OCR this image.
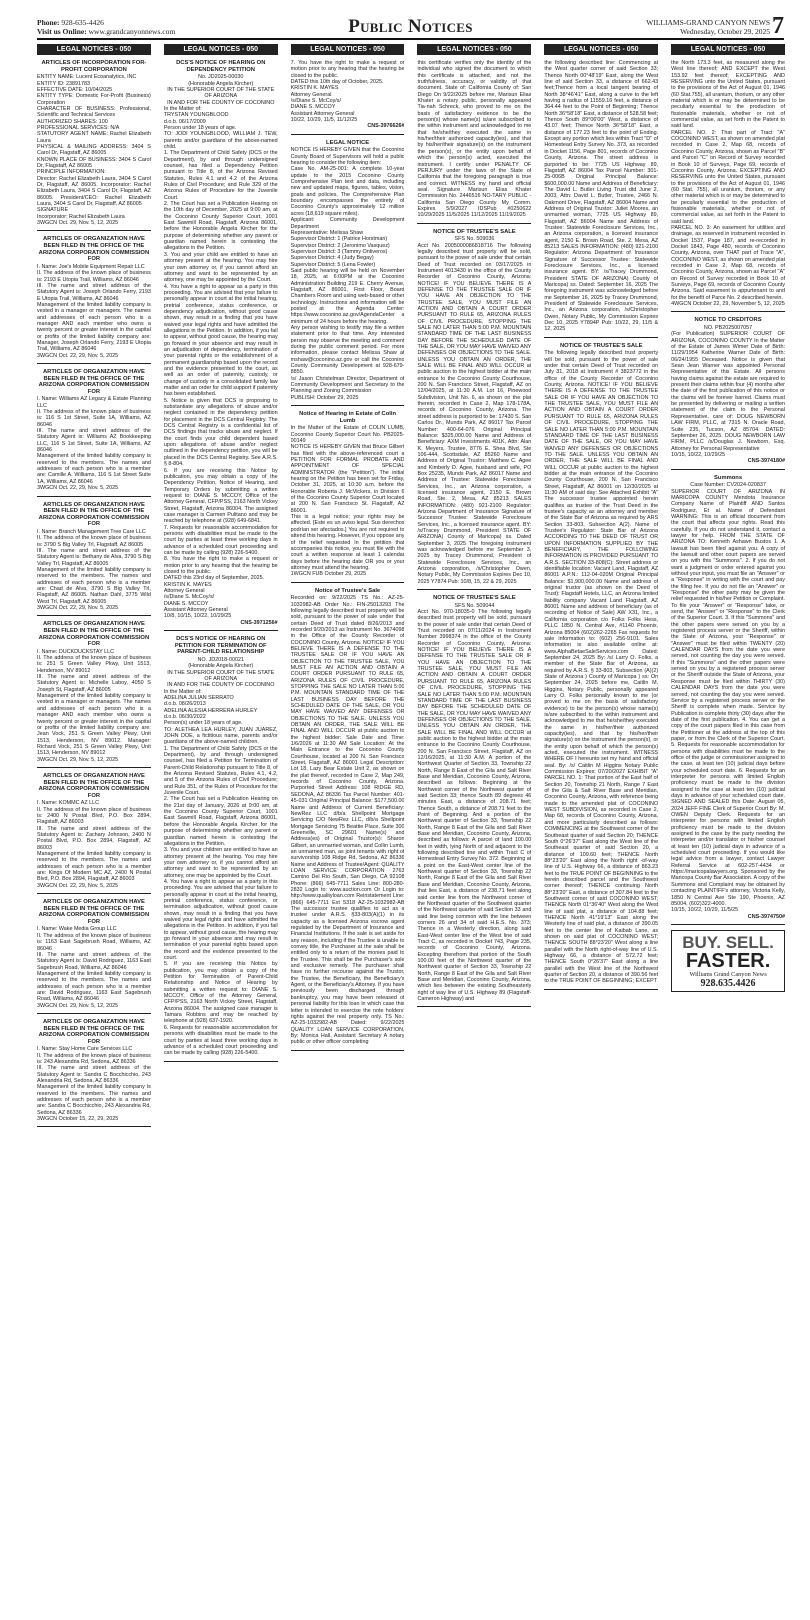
Phone: 928-635-4426
Visit us Online: www.grandcanyonnews.com	Public Notices	WILLIAMS-GRAND CANYON NEWS
Wednesday, October 29, 2025 7
LEGAL NOTICES - 050
ARTICLES OF INCORPORATION FOR-PROFIT CORPORATION

ENTITY NAME: Lucent Ecoanalytics, INC

ENTITY ID: 23891783

EFFECTIVE DATE: 10/04/2025

ENTITY TYPE: Domestic For-Profit (Business) Corporation

CHARACTER OF BUSINESS: Professional, Scientific and Technical Services

AUTHORIZED SHARES: 100

PROFESSIONAL SERVICES: N/A

STATUTORY AGENT NAME: Rachel Elizabeth Laura

PHYSICAL & MAILING ADDRESS: 3404 S Carol Dr, Flagstaff, AZ 86005

KNOWN PLACE OF BUSINESS: 3404 S Carol Dr, Flagstaff, AZ 86005

PRINCIPLE INFORMATION:

Director: Rachel Elizabeth Laura, 3404 S Carol Dr, Flagstaff, AZ 86005. Incorporator: Rachel Elizabeth Laura, 3404 S Carol Dr, Flagstaff, AZ 86005. President/CEO: Rachel Elizabeth Laura, 3404 S Carol Dr, Flagstaff, AZ 86005

SIGNATURE

Incorporator: Rachel Elizabeth Laura

3WGCN Oct. 29, Nov. 5, 12, 2025

ARTICLES OF ORGANIZATION HAVE BEEN FILED IN THE OFFICE OF THE ARIZONA CORPORATION COMMISSION FOR

I. Name: Joe's Mobile Equipment Repair LLC

II. The address of the known place of business is: 2193 E Utopia Trail, Williams, AZ 86046

III. The name and street address of the Statutory Agent is: Joseph Orlando Ferry, 2193 E Utopia Trail, Williams, AZ 86046

Management of the limited liability company is vested in a manager or managers. The names and addresses of each person who is a manager AND each member who owns a twenty percent or greater interest in the capital or profits of the limited liability company are: Manager, Joseph Orlando Ferry, 2193 E Utopia Trail, Williams, AZ 86046

3WGCN Oct. 22, 29, Nov. 5, 2025

ARTICLES OF ORGANIZATION HAVE BEEN FILED IN THE OFFICE OF THE ARIZONA CORPORATION COMMISSION FOR

I. Name: Williams AZ Legacy & Estate Planning LLC

II. The address of the known place of business is: 116 S 1st Street, Suite 1A, Williams, AZ 86046

III. The name and street address of the Statutory Agent is: Williams AZ Bookkeeping LLC, 116 S 1st Street, Suite 1A, Williams, AZ 86046

Management of the limited liability company is reserved to the members. The names and addresses of each person who is a member are: Camille A. Williams, 116 S 1st Street Suite 1A, Williams, AZ 86046

3WGCN Oct. 22, 29, Nov. 5, 2025

ARTICLES OF ORGANIZATION HAVE BEEN FILED IN THE OFFICE OF THE ARIZONA CORPORATION COMMISSION FOR

I. Name: Branch Management Tree Care LLC

II. The address of the known place of business is: 3790 S Big Valley Trl, Flagstaff, AZ 86005

III. The name and street address of the Statutory Agent is: Bethany de Alva, 3790 S Big Valley Trl, Flagstaff, AZ 86005

Management of the limited liability company is reserved to the members. The names and addresses of each person who is a member are: Chad de Alva, 3790 S Big Valley Trl, Flagstaff, AZ 86005. Nathan Dahl, 3775 Wild West Trl, Flagstaff, AZ 86005

3WGCN Oct. 22, 29, Nov. 5, 2025

ARTICLES OF ORGANIZATION HAVE BEEN FILED IN THE OFFICE OF THE ARIZONA CORPORATION COMMISSION FOR

I. Name: DUCKDUCKSTAY LLC

II. The address of the known place of business is: 251 S Green Valley Pkwy, Unit 1513, Henderson, NV 89012

III. The name and street address of the Statutory Agent is: Michelle Laboy, 4050 S Joseph St, Flagstaff, AZ 86005

Management of the limited liability company is vested in a manager or managers. The names and addresses of each person who is a manager AND each member who owns a twenty percent or greater interest in the capital or profits of the limited liability company are: Jean Vock, 251 S Green Valley Pkwy, Unit 1513, Henderson, NV 89012. Manager: Richard Vock, 251 S Green Valley Pkwy, Unit 1513, Henderson, NV 89012

3WGCN Oct. 29, Nov. 5, 12, 2025

ARTICLES OF ORGANIZATION HAVE BEEN FILED IN THE OFFICE OF THE ARIZONA CORPORATION COMMISSION FOR

I. Name: KOMMC AZ LLC

II. The address of the known place of business is: 2400 N Postal Blvd, P.O. Box 2894, Flagstaff, AZ 86003

III. The name and street address of the Statutory Agent is: Zachary Johnson, 2400 N Postal Blvd, P.O. Box 2894, Flagstaff, AZ 86003

Management of the limited liability company is reserved to the members. The names and addresses of each person who is a member are: Kings Of Modern MC AZ, 2400 N Postal Blvd, P.O. Box 2894, Flagstaff, AZ 86003

3WGCN Oct. 22, 29, Nov. 5, 2025

ARTICLES OF ORGANIZATION HAVE BEEN FILED IN THE OFFICE OF THE ARIZONA CORPORATION COMMISSION FOR

I. Name: Wake Media Group LLC

II. The address of the known place of business is: 1163 East Sagebrush Road, Williams, AZ 86046

III. The name and street address of the Statutory Agent is: David Rodriguez, 1163 East Sagebrush Road, Williams, AZ 86046

Management of the limited liability company is reserved to the members. The names and addresses of each person who is a member are: David Rodriguez, 1163 East Sagebrush Road, Williams, AZ 86046

3WGCN Oct. 29, Nov. 5, 12, 2025

ARTICLES OF ORGANIZATION HAVE BEEN FILED IN THE OFFICE OF THE ARIZONA CORPORATION COMMISSION FOR

I. Name: Stay Home Care Services LLC

II. The address of the known place of business is: 243 Alexandria Rd, Sedona, AZ 86336

III. The name and street address of the Statutory Agent is: Sandra C Bocchicchio, 243 Alexandria Rd, Sedona, AZ 86336

Management of the limited liability company is reserved to the members. The names and addresses of each person who is a member are: Sandra C Bocchicchio, 243 Alexandria Rd, Sedona, AZ 86336

3WGCN October 15, 22, 29, 2025

LEGAL NOTICES - 050
DCS'S NOTICE OF HEARING ON DEPENDENCY PETITION
No. JD2025-00030
(Honorable Angela Kircher)
IN THE SUPERIOR COURT OF THE STATE OF ARIZONA
IN AND FOR THE COUNTY OF COCONINO

In the Matter of:

TRYSTAN YOUNGBLOOD

d.o.b. 06/17/2009

Person under 18 years of age.

TO: JODI YOUNGBLOOD, WILLIAM J. TEW, parents and/or guardians of the above-named child.

1. The Department of Child Safety (DCS or the Department), by and through undersigned counsel, has filed a Dependency Petition pursuant to Title 8, of the Arizona Revised Statutes, Rules 4.1 and 4.2 of the Arizona Rules of Civil Procedure; and Rule 329 of the Arizona Rules of Procedure for the Juvenile Court.

2. The Court has set a Publication Hearing on the 10th day of December, 2025 at 9:00 am, at the Coconino County Superior Court, 1001 East Sawmill Road, Flagstaff, Arizona 86001, before the Honorable Angela Kircher for the purpose of determining whether any parent or guardian named herein is contesting the allegations in the Petition.

3. You and your child are entitled to have an attorney present at the hearing. You may hire your own attorney or, if you cannot afford an attorney and want to be represented by an attorney, one may be appointed by the Court.

4. You have a right to appear as a party in this proceeding. You are advised that your failure to personally appear in court at the initial hearing, pretrial conference, status conference, or dependency adjudication, without good cause shown, may result in a finding that you have waived your legal rights and have admitted the allegations in the Petition. In addition, if you fail to appear, without good cause, the hearing may go forward in your absence and may result in an adjudication of dependency, termination of your parental rights or the establishment of a permanent guardianship based upon the record and the evidence presented to the court, as well as an order of paternity, custody, or change of custody in a consolidated family law matter and an order for child support if paternity has been established.

5. Notice is given that DCS is proposing to substantiate any allegations of abuse and/or neglect contained in the dependency petition for placement in the DCS Central Registry. The DCS Central Registry is a confidential list of DCS findings that tracks abuse and neglect. If the court finds your child dependent based upon allegations of abuse and/or neglect outlined in the dependency petition, you will be placed in the DCS Central Registry. See A.R.S. § 8-804.

6. If you are receiving this Notice by publication, you may obtain a copy of the Dependency Petition, Notice of Hearing, and Temporary Orders by submitting a written request to: DIANE S. MCCOY, Office of the Attorney General, CFP/PSS, 2163 North Vickey Street, Flagstaff, Arizona 86004. The assigned case manager is Carmen Pulitano and may be reached by telephone at (928) 649-6841.

7. Requests for reasonable accommodation for persons with disabilities must be made to the court by parties at least three working days in advance of a scheduled court proceeding and can be made by calling (928) 226-5400.

8. You have the right to make a request or motion prior to any hearing that the hearing be closed to the public.

DATED this 23rd day of September, 2025.

KRISTIN K. MAYES

Attorney General

/s/Diane S. McCoy/s/

DIANE S. MCCOY

Assistant Attorney General

10/8, 10/15, 10/22, 10/29/25

CNS-3971256#
DCS'S NOTICE OF HEARING ON PETITION FOR TERMINATION OF PARENT-CHILD RELATIONSHIP
NO. JD2018-00021
(Honorable Angela Kircher)
IN THE SUPERIOR COURT OF THE STATE OF ARIZONA
IN AND FOR THE COUNTY OF COCONINO

In the Matter of:

ADELINA JULIAN SERRATO

d.o.b. 08/26/2013

ADELINA ALESIA HERRERA HURLEY

d.o.b. 06/30/2022

Person(s) under 18 years of age.

TO: ALETHEA LEA HURLEY, JUAN JUAREZ, JOHN DOE, a fictitious name, parents and/or guardians of the above-named children.

1. The Department of Child Safety (DCS or the Department), by and through undersigned counsel, has filed a Petition for Termination of Parent-Child Relationship pursuant to Title 8, of the Arizona Revised Statutes, Rules 4.1, 4.2, and 5 of the Arizona Rules of Civil Procedure; and Rule 351, of the Rules of Procedure for the Juvenile Court.

2. The Court has set a Publication Hearing on the 21st day of January, 2026 at 9:00 am, at the Coconino County Superior Court, 1001 East Sawmill Road, Flagstaff, Arizona 86001, before the Honorable Angela Kircher for the purpose of determining whether any parent or guardian named herein is contesting the allegations in the Petition.

3. You and your children are entitled to have an attorney present at the hearing. You may hire your own attorney or, if you cannot afford an attorney and want to be represented by an attorney, one may be appointed by the Court.

4. You have a right to appear as a party in this proceeding. You are advised that your failure to personally appear in court at the initial hearing, pretrial conference, status conference, or termination adjudication, without good cause shown, may result in a finding that you have waived your legal rights and have admitted the allegations in the Petition. In addition, if you fail to appear, without good cause, the hearing may go forward in your absence and may result in termination of your parental rights based upon the record and the evidence presented to the court.

5. If you are receiving this Notice by publication, you may obtain a copy of the Petition for Termination of Parent-Child Relationship and Notice of Hearing by submitting a written request to: DIANE S. MCCOY, Office of the Attorney General, CFP/PSS, 2163 North Vickey Street, Flagstaff, Arizona 86004. The assigned case manager is Tamara Robbins and may be reached by telephone at (928) 637-1920.

6. Requests for reasonable accommodation for persons with disabilities must be made to the court by parties at least three working days in advance of a scheduled court proceeding and can be made by calling (928) 226-5400.

LEGAL NOTICES - 050

7. You have the right to make a request or motion prior to any hearing that the hearing be closed to the public.

DATED this 10th day of October, 2025.

KRISTIN K. MAYES

Attorney General

/s/Diane S. McCoy/s/

DIANE S. MCCOY

Assistant Attorney General

10/22, 10/29, 11/5, 11/12/25

CNS-3976626#
LEGAL NOTICE

NOTICE IS HEREBY GIVEN that the Coconino County Board of Supervisors will hold a public hearing to consider the following item:

Case No. AM-25-001: A complete 10-year update to the 2015 Coconino County Comprehensive Plan text and data, including new and updated maps, figures, tables, vision, goals and policies. The Comprehensive Plan boundary encompasses the entirety of Coconino County's approximately 12 million acres (18,619 square miles).

Applicant: Community Development Department

Representative: Melissa Shaw

Supervisor District: 1 (Patrice Horstman)

Supervisor District: 2 (Jeronimo Vasquez)

Supervisor District: 3 (Tammy Ontiveros)

Supervisor District: 4 (Judy Begay)

Supervisor District: 5 (Lena Fowler)

Said public hearing will be held on November 18, 2025, at 6:00PM at the Coconino Administration Building 219 E. Cherry Avenue, Flagstaff, AZ 86001, First Floor, Board Chambers Room and using web-based or other technology. Instructions and information will be posted at the Agenda Center: https://www.coconino.az.gov/AgendaCenter a minimum of 24 hours before the hearing.

Any person wishing to testify may file a written statement prior to that time. Any interested person may observe the meeting and comment during the public comment period. For more information, please contact Melissa Shaw at mshaw@coconino.az.gov or call the Coconino County Community Development at 928-679-8850.

/s/ Jason Christelman Director, Department of Community Development and Secretary to the Planning and Zoning Commission

PUBLISH: October 29, 2025

Notice of Hearing in Estate of Colin Lumb

In the Matter of the Estate of COLIN LUMB, Coconino County Superior Court No. PB2025-00149

NOTICE IS HEREBY GIVEN that Bruce Gilbert has filed with the above-referenced court a PETITION FOR FORMAL PROBATE AND APPOINTMENT OF SPECIAL ADMINISTRATOR (the "Petition"). The initial hearing on the Petition has been set for Friday, October 31, 2025, at 10:30 a.m. before the Honorable Roberta J. McVickers, in Division 6 of the Coconino County Superior Court located at 200 N. San Francisco St. Flagstaff, AZ 86001.

This is a legal notice; your rights may be affected. [Este es un aviso legal. Sus derechos podrían ser afectados.] You are not required to attend this hearing. However, if you oppose any of the relief requested in the petition that accompanies this notice, you must file with the court a written response at least 1 calendar days before the hearing date OR you or your attorney must attend the hearing.

1WGCN FUB October 29, 2025

Notice of Trustee's Sale

Recorded on: 9/22/2025 TS No.: AZ-25-1032982-AB Order No.: FIN-25013293 The following legally described trust property will be sold, pursuant to the power of sale under that certain Deed of Trust dated 8/26/2013 and recorded 9/20/2013 as Instrument No. 3674098 in the Office of the County Recorder of COCONINO County, Arizona. NOTICE! IF YOU BELIEVE THERE IS A DEFENSE TO THE TRUSTEE SALE OR IF YOU HAVE AN OBJECTION TO THE TRUSTEE SALE, YOU MUST FILE AN ACTION AND OBTAIN A COURT ORDER PURSUANT TO RULE 65, ARIZONA RULES OF CIVIL PROCEDURE, STOPPING THE SALE NO LATER THAN 5:00 P.M. MOUNTAIN STANDARD TIME OF THE LAST BUSINESS DAY BEFORE THE SCHEDULED DATE OF THE SALE, OR YOU MAY HAVE WAIVED ANY DEFENSES OR OBJECTIONS TO THE SALE. UNLESS YOU OBTAIN AN ORDER, THE SALE WILL BE FINAL AND WILL OCCUR at public auction to the highest bidder: Sale Date and Time: 1/6/2026 at 11:30 AM Sale Location: At the Main Entrance to the Coconino County Courthouse, located at 200 N. San Francisco Street, Flagstaff, AZ 86001 Legal Description: Lot 18, Lazy Bear Estate Unit 2, as shown on the plat thereof, recorded in Case 2, Map 249, records of Coconino County, Arizona. Purported Street Address: 108 RIDGE RD, SEDONA, AZ 86336 Tax Parcel Number: 401-45-031 Original Principal Balance: $177,500.00 Name and Address of Current Beneficiary: NewRez LLC d/b/a Shellpoint Mortgage Servicing C/O NewRez LLC, d/b/a Shellpoint Mortgage Servicing 75 Beattie Place, Suite 300 Greenville, SC 29601 Name(s) and Address(es) of Original Trustor(s): Sharon Gilbert, an unmarried woman, and Collin Lumb, an unmarried man, as joint tenants with right of survivorship 108 Ridge Rd, Sedona, AZ 86336 Name and Address of Trustee/Agent: QUALITY LOAN SERVICE CORPORATION 2763 Camino Del Rio South, San Diego, CA 92108 Phone: (866) 645-7711 Sales Line: 800-280-2832 Login to: www.auction.com Or Login to: http://www.qualityloan.com Reinstatement Line: (866) 645-7711 Ext 5318 AZ-25-1032982-AB The successor trustee qualifies to act as a trustee under A.R.S. §33-803(A)(1) in its capacity as a licensed Arizona escrow agent regulated by the Department of Insurance and Financial Institutions. If the sale is set aside for any reason, including if the Trustee is unable to convey title, the Purchaser at the sale shall be entitled only to a return of the monies paid to the Trustee. This shall be the Purchaser's sole and exclusive remedy. The purchaser shall have no further recourse against the Trustor, the Trustee, the Beneficiary, the Beneficiary's Agent, or the Beneficiary's Attorney. If you have previously been discharged through bankruptcy, you may have been released of personal liability for this loan in which case this letter is intended to exercise the note holders' rights against the real property only. TS No.: AZ-25-1032982-AB Dated: 9/22/2025 QUALITY LOAN SERVICE CORPORATION, By: Monica Hall, Assistant Secretary A notary public or other officer completing

LEGAL NOTICES - 050

this certificate verifies only the identity of the individual who signed the document to which this certificate is attached, and not the truthfulness, accuracy, or validity of that document. State of: California County of: San Diego On 9/22/2025 before me, Marisun Elias Khater a notary public, personally appeared Tia-nah Schreck, who proved to me on the basis of satisfactory evidence to be the person(s) whose name(s) is/are subscribed to the within instrument and acknowledged to me that he/she/they executed the same in his/her/their authorized capacity(ies), and that by his/her/their signature(s) on the instrument the person(s), or the entity upon behalf of which the person(s) acted, executed the instrument. I certify under PENALTY OF PERJURY under the laws of the State of California that the foregoing paragraph is true and correct. WITNESS my hand and official seal. Signature Marisun Elias Khater Commission No. 2446516 NO-TARY PUBLIC - California San Diego County My Comm. Expires 5/9/2027 IDSPub #0250622 10/29/2025 11/5/2025 11/12/2025 11/19/2025

NOTICE OF TRUSTEE'S SALE
SFS No. 509036

Acct No. 2005000086818716 The following legally described trust property will be sold, pursuant to the power of sale under that certain Deed of Trust recorded on 03/17/2025 in Instrument 4013430 in the office of the County Recorder of Coconino County, Arizona: NOTICE! IF YOU BELIEVE THERE IS A DEFENSE TO THE TRUSTEE SALE OR IF YOU HAVE AN OBJECTION TO THE TRUSTEE SALE, YOU MUST FILE AN ACTION AND OBTAIN A COURT ORDER PURSUANT TO RULE 65, ARIZONA RULES OF CIVIL PROCEDURE, STOPPING THE SALE NO LATER THAN 5:00 P.M. MOUNTAIN STANDARD TIME OF THE LAST BUSINESS DAY BEFORE THE SCHEDULED DATE OF THE SALE, OR YOU MAY HAVE WAIVED ANY DEFENSES OR OBJECTIONS TO THE SALE. UNLESS YOU OBTAIN AN ORDER, THE SALE WILL BE FINAL AND WILL OCCUR at public auction to the highest bidder at the main entrance to the Coconino County Courthouse, 200 N. San Francisco Street, Flagstaff, AZ on 12/04/2025, at 11:30 A.M. Lot 16, Pinewood Subdivision, Unit No. 6, as shown on the plat therein, recorded in Case 2, Map 178-178A, records of Coconino County, Arizona. The street address is purported to be: 17430 S. San Carlos Dr., Munds Park, AZ 86017 Tax Parcel Number: 400-64-076 Original Principal Balance: $325,000.00 Name and Address of Beneficiary: AXM Investments 401K, Attn: Alan K. Meyers, Trustee, 8776 E. Shea Blvd, Ste 106-444, Scottsdale, AZ 85260 Name and Address of Original Trustor: Matthew C. Agee and Kimberly D. Agee, husband and wife, PO Box 25235, Munds Park, AZ 86017 Name and Address of Trustee: Statewide Foreclosure Services, Inc., an Arizona corporation, a licensed insurance agent, 2150 E. Brown Road, Ste. 2, Mesa, AZ 85213 SALES INFORMATION: (480) 921-2100 Regulator: Arizona Department of Insurance Signature of Successor Trustee: Statewide Foreclosure Services, Inc., a licensed insurance agent. BY: /s/Tracey Drummond, President STATE OF ARIZONA) County of Maricopa) ss. Dated September 3, 2025 The foregoing instrument was acknowledged before me September 3, 2025 by Tracey Drummond, President of Statewide Foreclosure Services, Inc., an Arizona corporation, /s/Christopher Owen, Notary Public, My Commission Expires Dec 10, 2025 Y7874 Pub: 10/8, 15, 22 & 29, 2025

NOTICE OF TRUSTEE'S SALE
SFS No. 509044

Acct No. 970-18035-0 The following legally described trust property will be sold, pursuant to the power of sale under that certain Deed of Trust recorded on 07/11/2024 in Instrument Number 3998374 in the office of the County Recorder of Coconino County, Arizona: NOTICE! IF YOU BELIEVE THERE IS A DEFENSE TO THE TRUSTEE SALE OR IF YOU HAVE AN OBJECTION TO THE TRUSTEE SALE, YOU MUST FILE AN ACTION AND OBTAIN A COURT ORDER PURSUANT TO RULE 65, ARIZONA RULES OF CIVIL PROCEDURE, STOPPING THE SALE NO LATER THAN 5:00 P.M. MOUNTAIN STANDARD TIME OF THE LAST BUSINESS DAY BEFORE THE SCHEDULED DATE OF THE SALE, OR YOU MAY HAVE WAIVED ANY DEFENSES OR OBJECTIONS TO THE SALE. UNLESS YOU OBTAIN AN ORDER, THE SALE WILL BE FINAL AND WILL OCCUR at public auction to the highest bidder at the main entrance to the Coconino County Courthouse, 200 N. San Francisco Street, Flagstaff, AZ on 12/16/2025, at 11:30 A.M. A portion of the Northwest Quarter of Section 33, Township 22 North, Range 8 East of the Gila and Salt River Base and Meridian, Coconino County, Arizona, described as follows: Beginning at the Northwest corner of the Northwest quarter of said Section 33; thence South 89 degrees 46 minutes East, a distance of 208.71 feet; Thence South, a distance of 208.71 feet to the Point of Beginning. And a portion of the Northwest quarter of Section 33, Township 22 North, Range 8 East of the Gila and Salt River Base and Meridian, Coconino County, Arizona, described as follows: A parcel of land 100.00 feet in width, lying North of and adjacent to the following described line and within Tract C of Homestead Entry Survey No. 372. Beginning at a point on the East-West center line of the Northwest quarter of Section 33, Township 22 North, Range 8 East of the Gila and Salt River Base and Meridian, Coconino County, Arizona, that lies East, a distance of 238.71 feet along said center line from the Northwest corner of the Northeast quarter of the Southwest quarter of the Northwest quarter of said Section 33 and said line being common with the line between corners 26 and 34 of said H.E.S. No. 373; Thence in a Westerly direction, along said East-West center line of the West line of said Tract C, as recorded in Docket 743, Page 235, records of Coconino County, Arizona. Excepting therefrom that portion of the South 100.00 feet of the Northwest quarter of the Northwest quarter of Section 33, Township 22 North, Range 8 East of the Gila and Salt River Base and Meridian, Coconino County, Arizona, which lies between the existing Southeasterly right of way line of U.S. Highway 89 (Flagstaff-Cameron Highway) and

LEGAL NOTICES - 050

the following described line: Commencing at the West quarter corner of said Section 33; Thence North 00°48'19" East, along the West line of said Section 33, a distance of 662.43 feet;Thence from a local tangent bearing of North 38°46'41" East, along a curve to the left having a radius of 11559.16 feet, a distance of 364.44 feet to the Point of Beginning; Thence North 36°58'18" East, a distance of 528.58 feet; Thence South 89°06'00" West, a distance of 43.07 feet; Thence North 36°58'18" East, a distance of 177.23 feet to the point of Ending. Except any portion which lies within Tract "D" of Homestead Entry Survey No. 373, as recorded in Docket 1156, Page 801, records of Coconino County, Arizona. The street address is purported to be: 7725 US Highway 89, Flagstaff, AZ 86004 Tax Parcel Number: 301-25-006B Original Principal Balance: $600,000.00 Name and Address of Beneficiary: The David L. Butler Living Trust dtd June 2, 2003, Attn: David L. Butler, Trustee, 2466 N. Oakmont Drive, Flagstaff, AZ 86004 Name and Address of Original Trustor: Juliet Moores, an unmarried woman, 7725 US Highway 89, Flagstaff, AZ 86004 Name and Address of Trustee: Statewide Foreclosure Services, Inc., an Arizona corporation, a licensed insurance agent, 2150 E. Brown Road, Ste. 2, Mesa, AZ 85213 SALES INFORMATION: (480) 921-2100 Regulator: Arizona Department of Insurance Signature of Successor Trustee: Statewide Foreclosure Services, Inc., a licensed insurance agent. BY: /s/Tracey Drummond, President STATE OF ARIZONA) County of Maricopa) ss. Dated: September 16, 2025 The foregoing instrument was acknowledged before me September 16, 2025 by Tracey Drummond, President of Statewide Foreclosure Services, Inc., an Arizona corporation, /s/Christopher Owen, Notary Public, My Commission Expires Dec 10, 2025 Y7894P Pub: 10/22, 29, 11/5 & 12, 2025

NOTICE OF TRUSTEE'S SALE

The following legally described trust property will be sold, pursuant to the power of sale under that certain Deed of Trust recorded on July 31, 2018 at Instrument # 3823772 in the office of the County Recorder of Coconino County, Arizona. NOTICE! IF YOU BELIEVE THERE IS A DEFENSE TO THE TRUSTEE SALE OR IF YOU HAVE AN OBJECTION TO THE TRUSTEE SALE, YOU MUST FILE AN ACTION AND OBTAIN A COURT ORDER PURSUANT TO RULE 65, ARIZONA RULES OF CIVIL PROCEDURE, STOPPING THE SALE NO LATER THAN 5:00 P.M. MOUNTAIN STANDARD TIME OF THE LAST BUSINESS DATE OF THE SALE, OR YOU MAY HAVE WAIVED ANY DEFENSES OR OBJECTIONS TO THE SALE. UNLESS YOU OBTAIN AN ORDER, THE SALE WILL BE FINAL AND WILL OCCUR at public auction to the highest bidder at the main entrance of the Coconino County Courthouse, 200 N. San Francisco Street, Flagstaff, AZ 86001 on 12/30/2025 at 11:30 AM of said day: See Attached Exhibit "A" The successor trustee appointed herein qualifies as trustee of the Trust Deed in the trustee's capacity as an attorney and member of the State Bar of Arizona as required by ARS Section 33-803, Subsection A(2). Name of Trustee's Regulator: State Bar of Arizona ACCORDING TO THE DEED OF TRUST OR UPON INFORMATION SUPPLIED BY THE BENEFICIARY, THE FOLLOWING INFORMATION IS PROVIDED PURSUANT TO A.R.S. SECTION 33-808(C): Street address or identifiable location: Vacant Land, Flagstaff, AZ 86001 A.P.N.: 112-04-020M Original Principal Balance: $1,900,000.00 Name and address of original trustor (as shown on the Deed of Trust): Flagstaff Hotels, LLC, an Arizona limited liability company Vacant Land Flagstaff, AZ 86001 Name and address of beneficiary (as of recording of Notice of Sale) AW X31, Inc., a California corporation c/o Folks Folks Hess, PLLC 1850 N. Central Ave, #1140 Phoenix, Arizona 85004 (602)262-2265 Fax requests for sale information to: (602) 256-9101. Sales information is also available online at: www.AlphaBetaeSaleServices.com Dated: September 24, 2025 By: /s/ Larry O. Folks, a member of the State Bar of Arizona, as required by A.R.S. § 33-803, Subsection (A)(2) State of Arizona ) County of Maricopa ) ss: On September 24, 2025 before me, Caitlin M. Higgins, Notary Public, personally appeared Larry O. Folks personally known to me (or proved to me on the basis of satisfactory evidence) to be the person(s) whose name(s) is/are subscribed to the within instrument and acknowledged to me that he/she/they executed the same in his/her/their authorized capacity(ies), and that by his/her/their signature(s) on the instrument the person(s), or the entity upon behalf of which the person(s) acted, executed the instrument. WITNESS WHERE OF I hereunto set my hand and official seal. By: /s/ Caitlin M Higgins Notary Public Commission Expires: 07/20/2027 EXHIBIT "A" PARCEL NO. 1: That portion of the East half of Section 20, Township 21 North, Range 7 East of the Gila & Salt River Base and Meridian, Coconino County, Arizona, with reference being made to the amended plat of COCONINO WEST SUBDIVISION, as recorded in Case 2, Map 68, records of Coconino County, Arizona, and more particularly described as follows: COMMENCING at the Southwest corner of the Southeast quarter of said Section 20; THENCE South 0°26'37" East along the West line of the Southeast quarter of said Section 20, a distance of 109.60 feet; THENCE North 88°23'20" East along the North right -of-way line of U.S. Highway 66, a distance of 863.23 feet to the TRUE POINT OF BEGINNING to the herein described parcel and the Southwest corner thereof; THENCE continuing North 88°23'20" East, a distance of 307.84 feet to the Southwest corner of said COCONINO WEST; THENCE North 01°36'40" West along the West line of said plat, a distance of 104.88 feet; THENCE North 41°19'13" East along the Westerly line of said plat, a distance of 390.05 feet to the center line of Kaibab Lane, as shown on said plat of COCONINO WEST; THENCE SOUTH 88°23'20" West along a line parallel with the North right-of-way line of U.S. Highway 66, a distance of 572.72 feet; THENCE South 0°26'37" East along a line parallel with the West line of the Northwest quarter of Section 20, a distance of 390.56 feet to the TRUE POINT OF BEGINNING; EXCEPT

LEGAL NOTICES - 050

the North 173.3 feet, as measured along the West line thereof; AND EXCEPT the West 153.92 feet thereof; EXCEPTING AND RESERVING unto the United States, pursuant to the provisions of the Act of August 01, 1946 (60 Stat.755), all uranium, thorium, or any other material which is or may be determined to be peculiarly essential to the production of fissionable materials, whether or not of commercial value, as set forth in the Patent to said land.

PARCEL NO. 2: That part of Tract "A" COCONINO WEST, as shown on amended plat recorded in Case 2, Map 68, records of Coconino County, Arizona, shown as Parcel "B" and Parcel "C" on Record of Survey recorded in Book 10 of Surveys, Page 69, records of Coconino County, Arizona. EXCEPTING AND RESERVING unto the United States, pursuant to the provisions of the Act of August 01, 1946 (60 Stat. 755), all uranium, thorium, or any other material which is or may be determined to be peculiarly essential to the production of fissionable materials, whether or not of commercial value, as set forth in the Patent to said land.

PARCEL NO. 3: An easement for utilities and drainage, as reserved in instrument recorded in Docket 1537, Page 187, and re-recorded in Docket 1843, Page 480, records of Coconino County, Arizona, over THAT part of Trace "A", COCONINO WEST, as shown on amended plat recorded in Case 2, Map 68, records of Coconino County, Arizona, shown as Parcel "A" on Record of Survey recorded in Book 10 of Surveys, Page 69, records of Coconino County Arizona. Said easement is appurtenant to and for the benefit of Parce No. 2 described herein.

4WGCN October 22, 29, November 5, 12, 2025

NOTICE TO CREDITORS
NO. PB2025007057

(For Publication) SUPERIOR COURT OF ARIZONA, COCONINO COUNTY In the Matter of the Estate of James Wimer Date of Birth: 11/29/1954 Katherine Warner Date of Birth: 06/24/1955 Deceased. Notice is given that Sean Jean Warner was appointed Personal Representative of this Estate. All persons having claims against the estate are required to present their claims within four (4) months after the date of the first publication of this notice or the claims will be forever barred. Claims must be presented by delivering or mailing a written statement of the claim to the Personal Representative, care of: DOUG NEWBORN LAW FIRM, PLLC, at 7315 N. Oracle Road, Suite 235, Tucson, AZ 85704. DATED: September 26, 2025. DOUG NEWBORN LAW FIRM, PLLC /s/Douglas J. Newborn, Esq. Attorney for Personal Representative

10/15, 10/22, 10/29/25

CNS-3974180#
Summons
Case Number: CV2024-020837

SUPERIOR COURT OF ARIZONA IN MARICOPA COUNTY Mendota Insurance Company Name of Plaintiff AND Santos Rodriguez, Et al. Name of Defendant WARNING: This is an official document from the court that affects your rights. Read this carefully. If you do not understand it, contact a lawyer for help. FROM THE STATE OF ARIZONA TO: Kenneth Ashawn Bustos 1. A lawsuit has been filed against you. A copy of the lawsuit and other court papers are served on you with this "Summons". 2. If you do not want a judgment or order entered against you without your input, you must file an "Answer" or a "Response" in writing with the court and pay the filing fee. If you do not file an "Answer" or "Response" the other party may be given the relief requested in his/her Petition or Complaint. To file your "Answer" or "Response" take, or send, the "Answer" or "Response" to the Clerk of the Superior Court. 3. If this "Summons" and the other papers were served on you by a registered process server or the Sheriff, within the State of Arizona, your "Response" or "Answer" must be filed within TWENTY (20) CALENDAR DAYS from the date you were served, not counting the day you were served. If this "Summons" and the other papers were served on you by a registered process server or the Sheriff outside the State of Arizona, your Response must be filed within THIRTY (30) CALENDAR DAYS from the date you were served, not counting the day you were served. Service by a registered process server or the Sheriff is complete when made. Service by Publication is complete thirty (30) days after the date of the first publication. 4. You can get a copy of the court papers filed in this case from the Petitioner at the address at the top of this paper, or from the Clerk of the Superior Court. 5. Requests for reasonable accommodation for persons with disabilities must be made to the office of the judge or commissioner assigned to the case, at least ten (10) judicial days before your scheduled court date. 6. Requests for an interpreter for persons with limited English proficiency must be made to the division assigned to the case at least ten (10) judicial days in advance of your scheduled court date. SIGNED AND SEALED this Date: August 05, 2024 JEFF FINE Clerk of Superior Court By: M. OWEN Deputy Clerk. Requests for an interpreter for persons with limited English proficiency must be made to the division assigned to the case by the party needing the interpreter and/or translator or his/her counsel at least ten (10) judicial days in advance of a scheduled court proceeding. If you would like legal advice from a lawyer, contact Lawyer Referral Service at 602-257-4434 or https://maricopalawyers.org. Sponsored by the Maricopa County Bar Association. A copy of the Summons and Complaint may be obtained by contacting PLAINTIFF's attorney, Victoria Kelly, 1850 N Central Ave Ste 190, Phoenix, AZ 85004, (602)322-4000.

10/15, 10/22, 10/29, 11/5/25

CNS-3974750#
BUY. SELL.
FASTER.
Williams Grand Canyon News
928.635.4426
